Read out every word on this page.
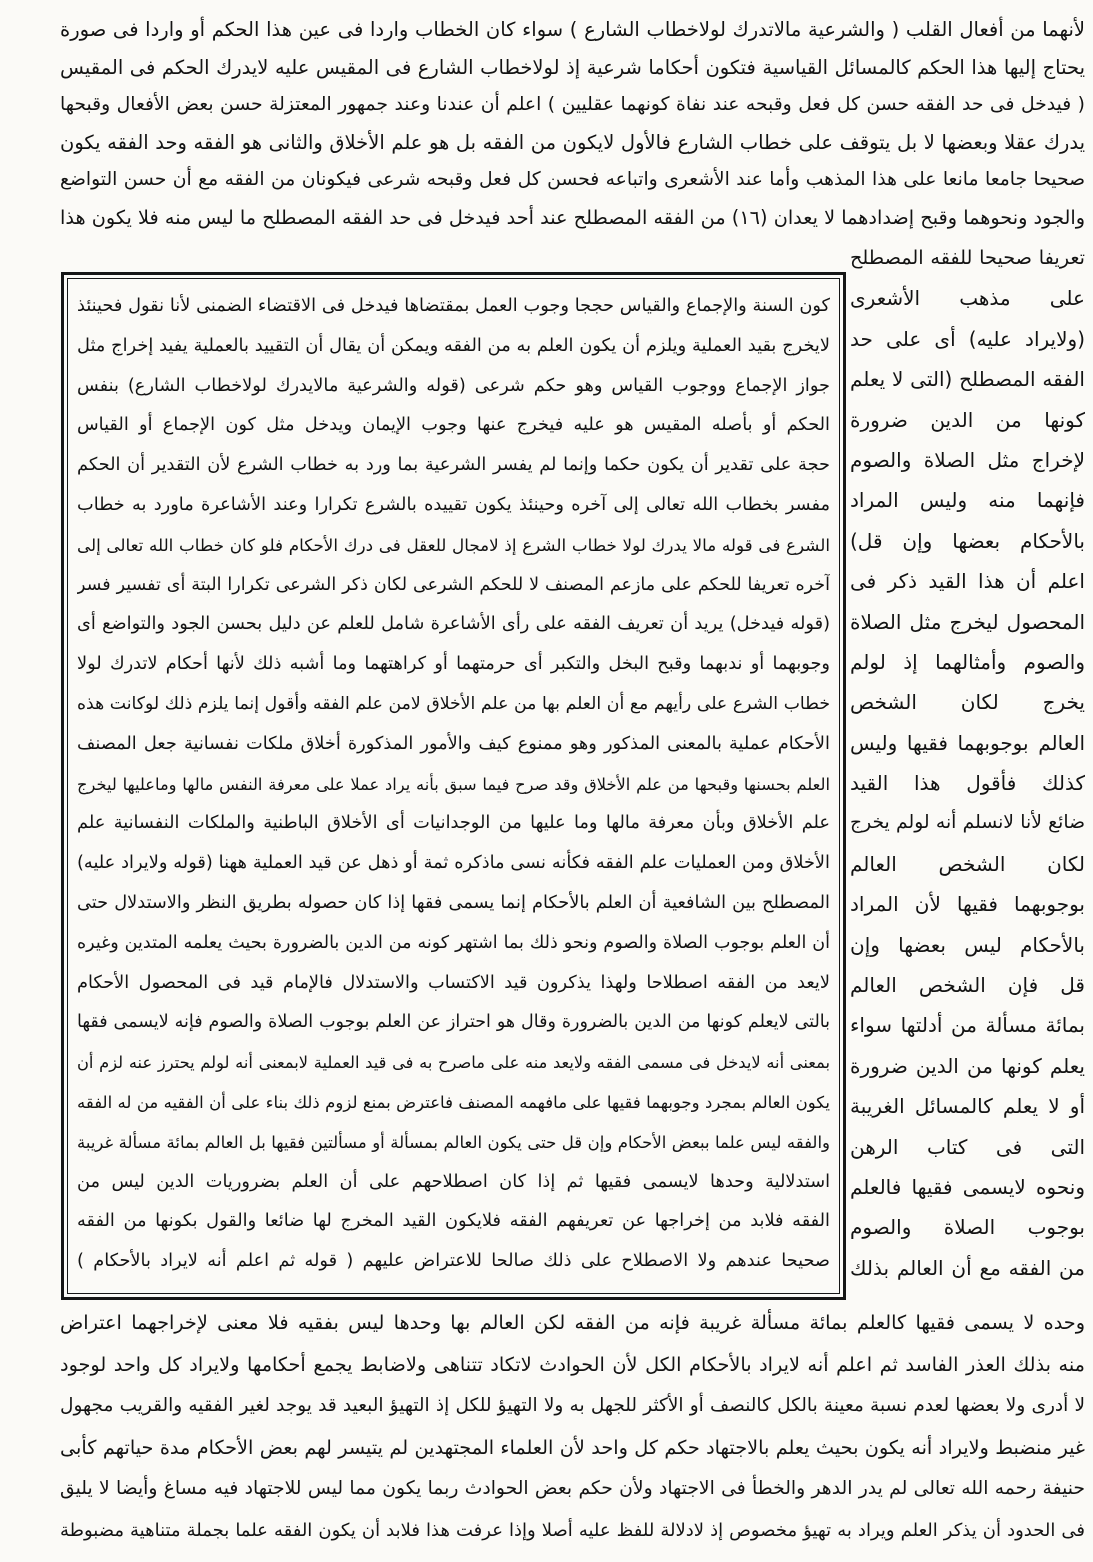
لأنهما من أفعال القلب ( والشرعية مالاتدرك لولاخطاب الشارع ) سواء كان الخطاب واردا فى عين هذا الحكم أو واردا فى صورة
يحتاج إليها هذا الحكم كالمسائل القياسية فتكون أحكاما شرعية إذ لولاخطاب الشارع فى المقيس عليه لايدرك الحكم فى المقيس
( فيدخل فى حد الفقه حسن كل فعل وقبحه عند نفاة كونهما عقليين ) اعلم أن عندنا وعند جمهور المعتزلة حسن بعض الأفعال وقبحها
يدرك عقلا وبعضها لا بل يتوقف على خطاب الشارع فالأول لايكون من الفقه بل هو علم الأخلاق والثانى هو الفقه وحد الفقه يكون
صحيحا جامعا مانعا على هذا المذهب وأما عند الأشعرى واتباعه فحسن كل فعل وقبحه شرعى فيكونان من الفقه مع أن حسن التواضع
والجود ونحوهما وقبح إضدادهما لا يعدان (١٦) من الفقه المصطلح عند أحد فيدخل فى حد الفقه المصطلح ما ليس منه فلا يكون هذا
تعريفا صحيحا للفقه المصطلح
على مذهب الأشعرى
(ولايراد عليه) أى على حد
الفقه المصطلح (التى لا يعلم
كونها من الدين ضرورة
لإخراج مثل الصلاة والصوم
فإنهما منه وليس المراد
بالأحكام بعضها وإن قل)
اعلم أن هذا القيد ذكر فى
المحصول ليخرج مثل الصلاة
والصوم وأمثالهما إذ لولم
يخرج لكان الشخص
العالم بوجوبهما فقيها وليس
كذلك فأقول هذا القيد
ضائع لأنا لانسلم أنه لولم يخرج
لكان الشخص العالم
بوجوبهما فقيها لأن المراد
بالأحكام ليس بعضها وإن
قل فإن الشخص العالم
بمائة مسألة من أدلتها سواء
يعلم كونها من الدين ضرورة
أو لا يعلم كالمسائل الغريبة
التى فى كتاب الرهن
ونحوه لايسمى فقيها فالعلم
بوجوب الصلاة والصوم
من الفقه مع أن العالم بذلك
كون السنة والإجماع والقياس حججا وجوب العمل بمقتضاها فيدخل فى الاقتضاء الضمنى لأنا نقول فحينئذ
لايخرج بقيد العملية ويلزم أن يكون العلم به من الفقه ويمكن أن يقال أن التقييد بالعملية يفيد إخراج مثل
جواز الإجماع ووجوب القياس وهو حكم شرعى (قوله والشرعية مالايدرك لولاخطاب الشارع) بنفس
الحكم أو بأصله المقيس هو عليه فيخرج عنها وجوب الإيمان ويدخل مثل كون الإجماع أو القياس
حجة على تقدير أن يكون حكما وإنما لم يفسر الشرعية بما ورد به خطاب الشرع لأن التقدير أن الحكم
مفسر بخطاب الله تعالى إلى آخره وحينئذ يكون تقييده بالشرع تكرارا وعند الأشاعرة ماورد به خطاب
الشرع فى قوله مالا يدرك لولا خطاب الشرع إذ لامجال للعقل فى درك الأحكام فلو كان خطاب الله تعالى إلى
آخره تعريفا للحكم على مازعم المصنف لا للحكم الشرعى لكان ذكر الشرعى تكرارا البتة أى تفسير فسر
(قوله فيدخل) يريد أن تعريف الفقه على رأى الأشاعرة شامل للعلم عن دليل بحسن الجود والتواضع أى
وجوبهما أو ندبهما وقبح البخل والتكبر أى حرمتهما أو كراهتهما وما أشبه ذلك لأنها أحكام لاتدرك لولا
خطاب الشرع على رأيهم مع أن العلم بها من علم الأخلاق لامن علم الفقه وأقول إنما يلزم ذلك لوكانت هذه
الأحكام عملية بالمعنى المذكور وهو ممنوع كيف والأمور المذكورة أخلاق ملكات نفسانية جعل المصنف
العلم بحسنها وقبحها من علم الأخلاق وقد صرح فيما سبق بأنه يراد عملا على معرفة النفس مالها وماعليها ليخرج
علم الأخلاق وبأن معرفة مالها وما عليها من الوجدانيات أى الأخلاق الباطنية والملكات النفسانية علم
الأخلاق ومن العمليات علم الفقه فكأنه نسى ماذكره ثمة أو ذهل عن قيد العملية ههنا (قوله ولايراد عليه)
المصطلح بين الشافعية أن العلم بالأحكام إنما يسمى فقها إذا كان حصوله بطريق النظر والاستدلال حتى
أن العلم بوجوب الصلاة والصوم ونحو ذلك بما اشتهر كونه من الدين بالضرورة بحيث يعلمه المتدين وغيره
لايعد من الفقه اصطلاحا ولهذا يذكرون قيد الاكتساب والاستدلال فالإمام قيد فى المحصول الأحكام
بالتى لايعلم كونها من الدين بالضرورة وقال هو احتراز عن العلم بوجوب الصلاة والصوم فإنه لايسمى فقها
بمعنى أنه لايدخل فى مسمى الفقه ولايعد منه على ماصرح به فى قيد العملية لابمعنى أنه لولم يحترز عنه لزم أن
يكون العالم بمجرد وجوبهما فقيها على مافهمه المصنف فاعترض بمنع لزوم ذلك بناء على أن الفقيه من له الفقه
والفقه ليس علما ببعض الأحكام وإن قل حتى يكون العالم بمسألة أو مسألتين فقيها بل العالم بمائة مسألة غريبة
استدلالية وحدها لايسمى فقيها ثم إذا كان اصطلاحهم على أن العلم بضروريات الدين ليس من
الفقه فلابد من إخراجها عن تعريفهم الفقه فلايكون القيد المخرج لها ضائعا والقول بكونها من الفقه
صحيحا عندهم ولا الاصطلاح على ذلك صالحا للاعتراض عليهم ( قوله ثم اعلم أنه لايراد بالأحكام )
وحده لا يسمى فقيها كالعلم بمائة مسألة غريبة فإنه من الفقه لكن العالم بها وحدها ليس بفقيه فلا معنى لإخراجهما اعتراض
منه بذلك العذر الفاسد ثم اعلم أنه لايراد بالأحكام الكل لأن الحوادث لاتكاد تتناهى ولاضابط يجمع أحكامها ولايراد كل واحد لوجود
لا أدرى ولا بعضها لعدم نسبة معينة بالكل كالنصف أو الأكثر للجهل به ولا التهيؤ للكل إذ التهيؤ البعيد قد يوجد لغير الفقيه والقريب مجهول
غير منضبط ولايراد أنه يكون بحيث يعلم بالاجتهاد حكم كل واحد لأن العلماء المجتهدين لم يتيسر لهم بعض الأحكام مدة حياتهم كأبى
حنيفة رحمه الله تعالى لم يدر الدهر والخطأ فى الاجتهاد ولأن حكم بعض الحوادث ربما يكون مما ليس للاجتهاد فيه مساغ وأيضا لا يليق
فى الحدود أن يذكر العلم ويراد به تهيؤ مخصوص إذ لادلالة للفظ عليه أصلا وإذا عرفت هذا فلابد أن يكون الفقه علما بجملة متناهية مضبوطة
